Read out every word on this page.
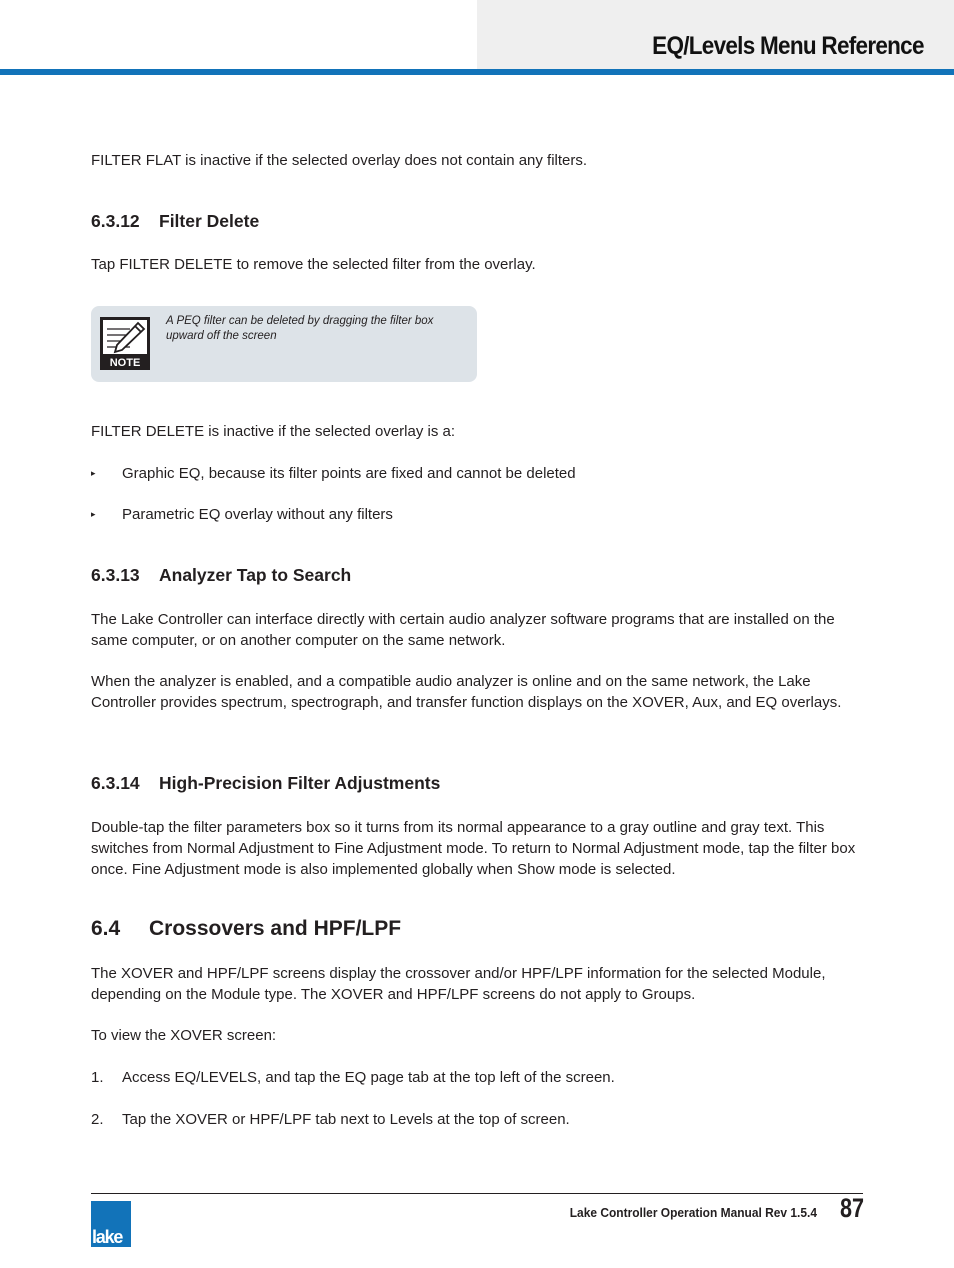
EQ/Levels Menu Reference

FILTER FLAT is inactive if the selected overlay does not contain any filters.

6.3.12 Filter Delete

Tap FILTER DELETE to remove the selected filter from the overlay.

NOTE
A PEQ filter can be deleted by dragging the filter box upward off the screen

FILTER DELETE is inactive if the selected overlay is a:

▸ Graphic EQ, because its filter points are fixed and cannot be deleted
▸ Parametric EQ overlay without any filters
6.3.13 Analyzer Tap to Search

The Lake Controller can interface directly with certain audio analyzer software programs that are installed on the same computer, or on another computer on the same network.

When the analyzer is enabled, and a compatible audio analyzer is online and on the same network, the Lake Controller provides spectrum, spectrograph, and transfer function displays on the XOVER, Aux, and EQ overlays.

6.3.14 High-Precision Filter Adjustments

Double-tap the filter parameters box so it turns from its normal appearance to a gray outline and gray text. This switches from Normal Adjustment to Fine Adjustment mode. To return to Normal Adjustment mode, tap the filter box once. Fine Adjustment mode is also implemented globally when Show mode is selected.

6.4 Crossovers and HPF/LPF

The XOVER and HPF/LPF screens display the crossover and/or HPF/LPF information for the selected Module, depending on the Module type. The XOVER and HPF/LPF screens do not apply to Groups.

To view the XOVER screen:

1. Access EQ/LEVELS, and tap the EQ page tab at the top left of the screen.
2. Tap the XOVER or HPF/LPF tab next to Levels at the top of screen.
lake
Lake Controller Operation Manual Rev 1.5.4 87
